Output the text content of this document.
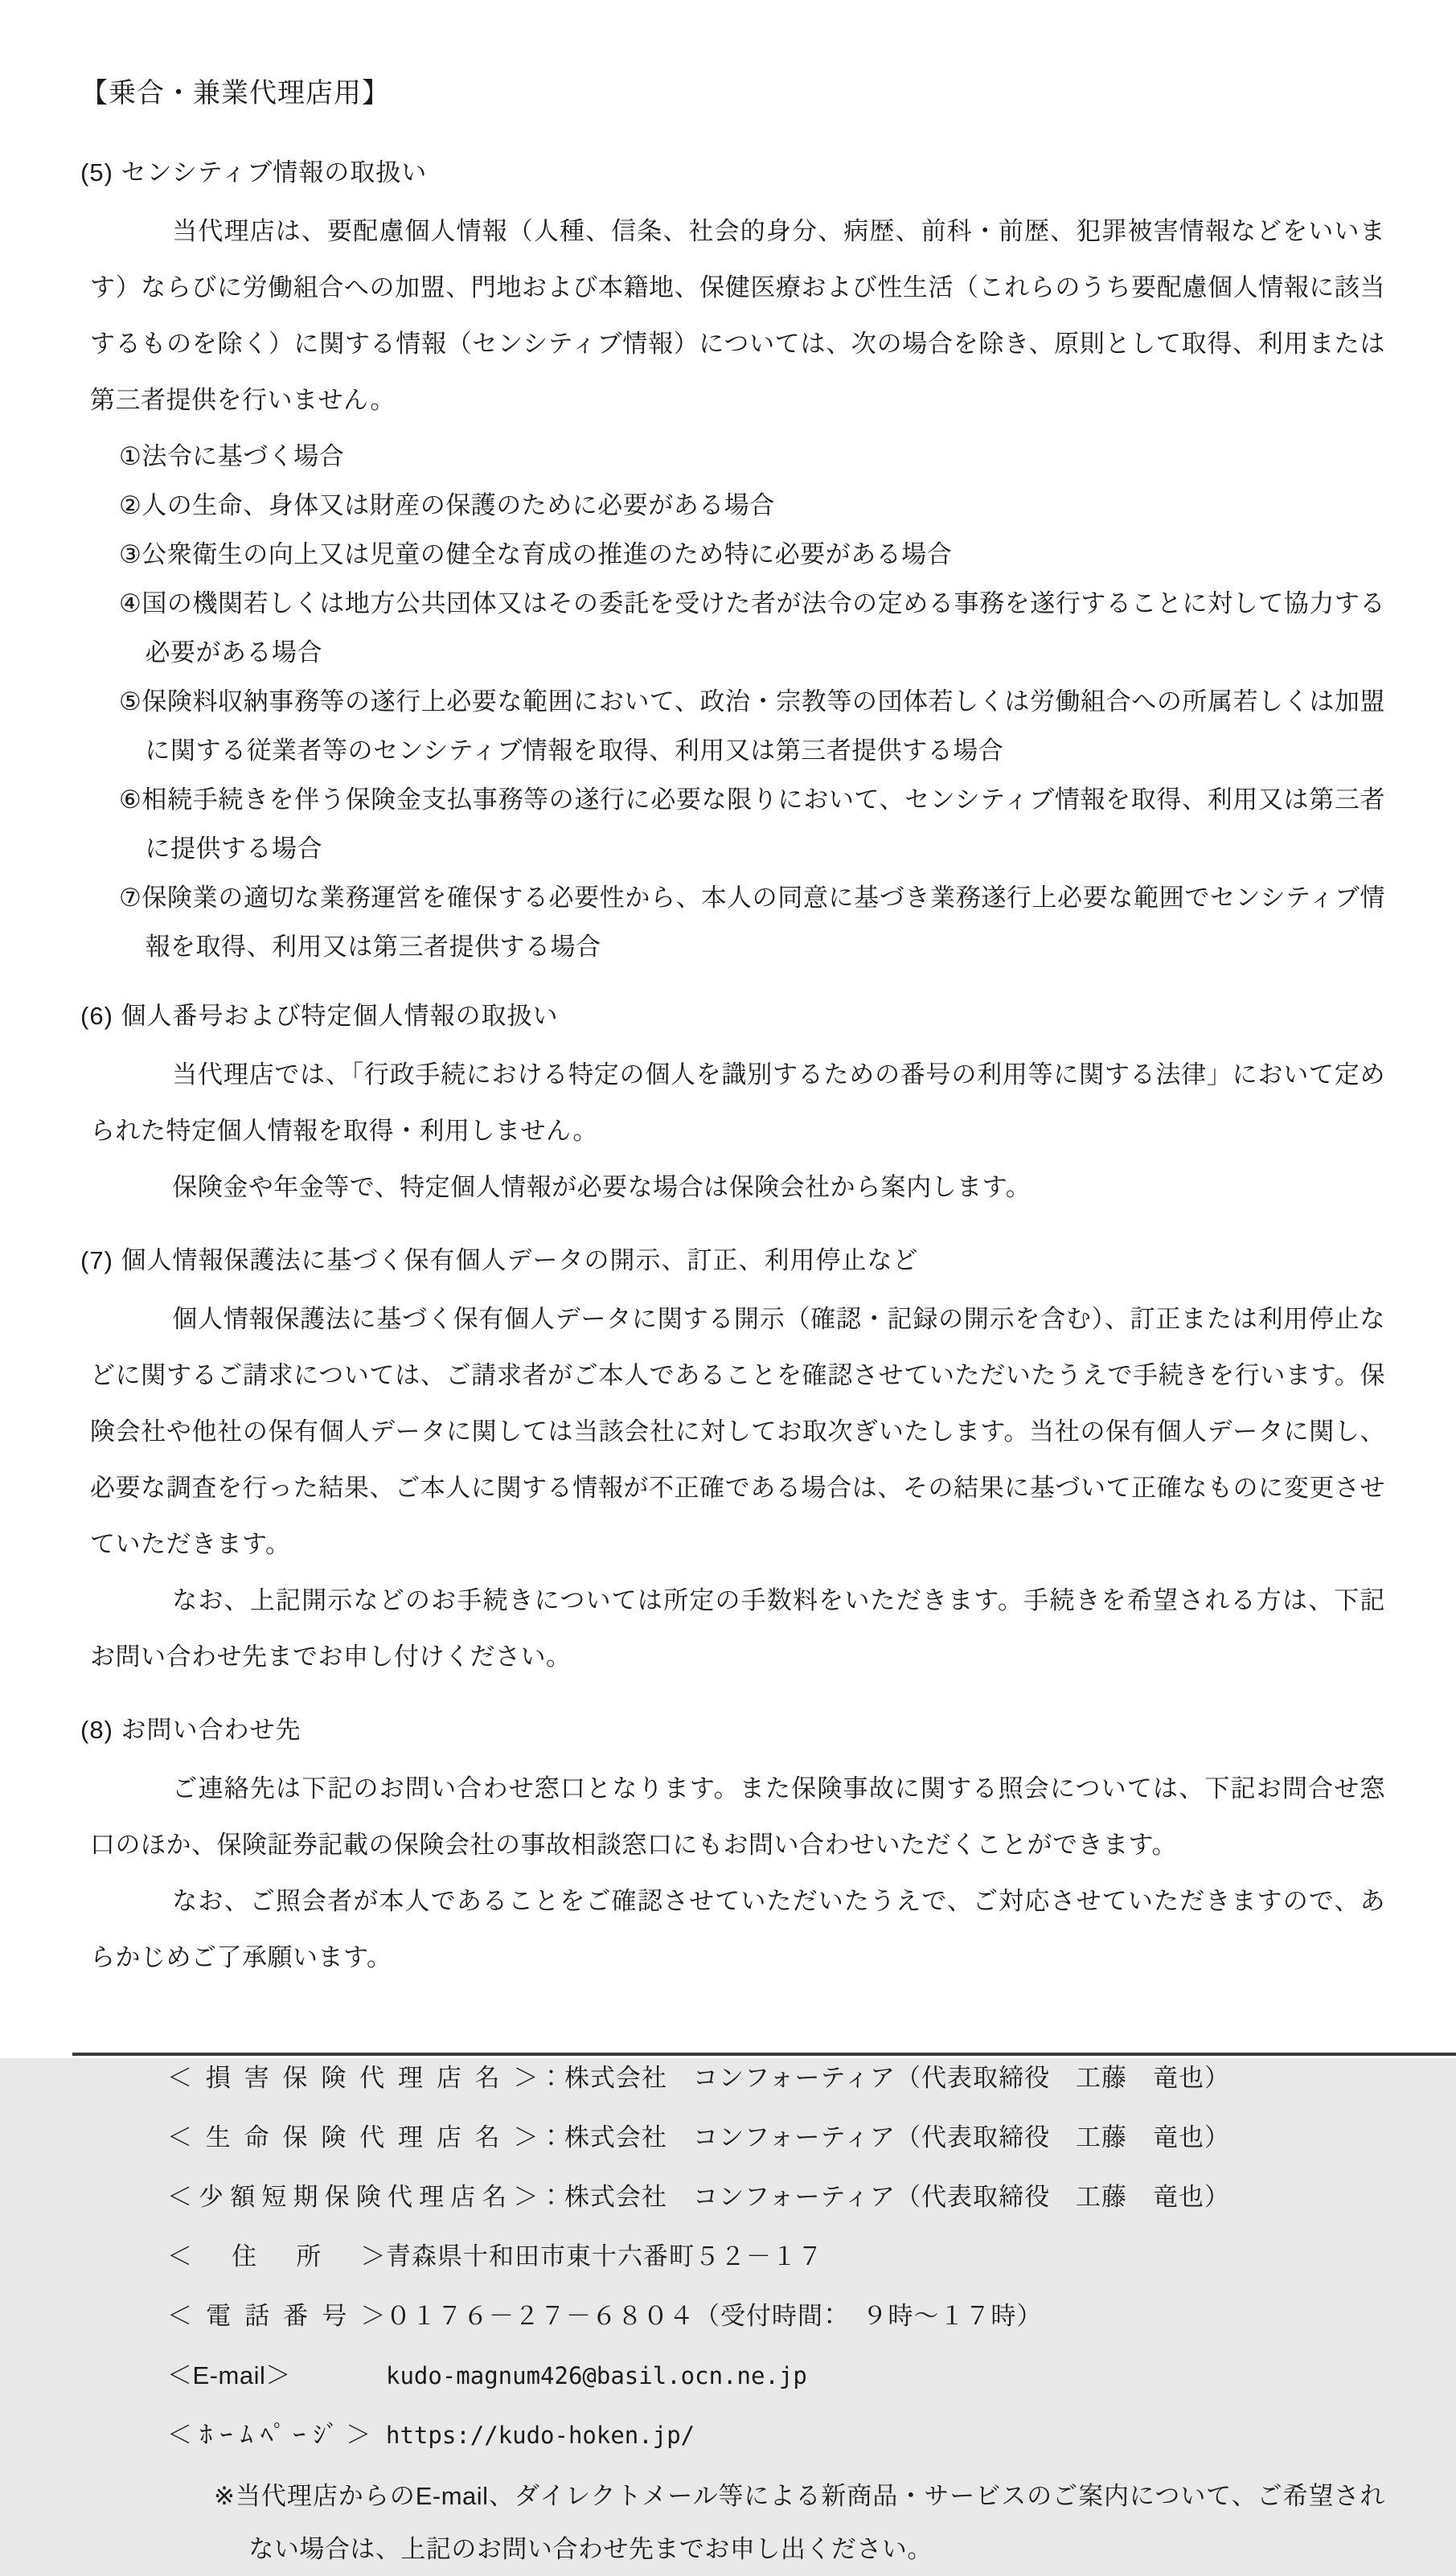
【乗合・兼業代理店用】
(5) センシティブ情報の取扱い

当代理店は、要配慮個人情報（人種、信条、社会的身分、病歴、前科・前歴、犯罪被害情報などをいいます）ならびに労働組合への加盟、門地および本籍地、保健医療および性生活（これらのうち要配慮個人情報に該当するものを除く）に関する情報（センシティブ情報）については、次の場合を除き、原則として取得、利用または第三者提供を行いません。

①法令に基づく場合
②人の生命、身体又は財産の保護のために必要がある場合
③公衆衛生の向上又は児童の健全な育成の推進のため特に必要がある場合
④国の機関若しくは地方公共団体又はその委託を受けた者が法令の定める事務を遂行することに対して協力する必要がある場合
⑤保険料収納事務等の遂行上必要な範囲において、政治・宗教等の団体若しくは労働組合への所属若しくは加盟に関する従業者等のセンシティブ情報を取得、利用又は第三者提供する場合
⑥相続手続きを伴う保険金支払事務等の遂行に必要な限りにおいて、センシティブ情報を取得、利用又は第三者に提供する場合
⑦保険業の適切な業務運営を確保する必要性から、本人の同意に基づき業務遂行上必要な範囲でセンシティブ情報を取得、利用又は第三者提供する場合
(6) 個人番号および特定個人情報の取扱い

当代理店では、「行政手続における特定の個人を識別するための番号の利用等に関する法律」において定められた特定個人情報を取得・利用しません。

保険金や年金等で、特定個人情報が必要な場合は保険会社から案内します。

(7) 個人情報保護法に基づく保有個人データの開示、訂正、利用停止など

個人情報保護法に基づく保有個人データに関する開示（確認・記録の開示を含む）、訂正または利用停止などに関するご請求については、ご請求者がご本人であることを確認させていただいたうえで手続きを行います。保険会社や他社の保有個人データに関しては当該会社に対してお取次ぎいたします。当社の保有個人データに関し、必要な調査を行った結果、ご本人に関する情報が不正確である場合は、その結果に基づいて正確なものに変更させていただきます。

なお、上記開示などのお手続きについては所定の手数料をいただきます。手続きを希望される方は、下記お問い合わせ先までお申し付けください。

(8) お問い合わせ先

ご連絡先は下記のお問い合わせ窓口となります。また保険事故に関する照会については、下記お問合せ窓口のほか、保険証券記載の保険会社の事故相談窓口にもお問い合わせいただくことができます。

なお、ご照会者が本人であることをご確認させていただいたうえで、ご対応させていただきますので、あらかじめご了承願います。

＜損害保険代理店名＞：株式会社　コンフォーティア（代表取締役　工藤　竜也）
＜生命保険代理店名＞：株式会社　コンフォーティア（代表取締役　工藤　竜也）
＜少額短期保険代理店名＞：株式会社　コンフォーティア（代表取締役　工藤　竜也）
＜　住　所　＞青森県十和田市東十六番町５２－１７
＜電話番号＞０１７６－２７－６８０４（受付時間：　９時～１７時）
＜E-mail＞	kudo-magnum426@basil.ocn.ne.jp
＜ﾎｰﾑﾍﾟｰｼﾞ＞ https://kudo-hoken.jp/
※当代理店からのE-mail、ダイレクトメール等による新商品・サービスのご案内について、ご希望されない場合は、上記のお問い合わせ先までお申し出ください。
